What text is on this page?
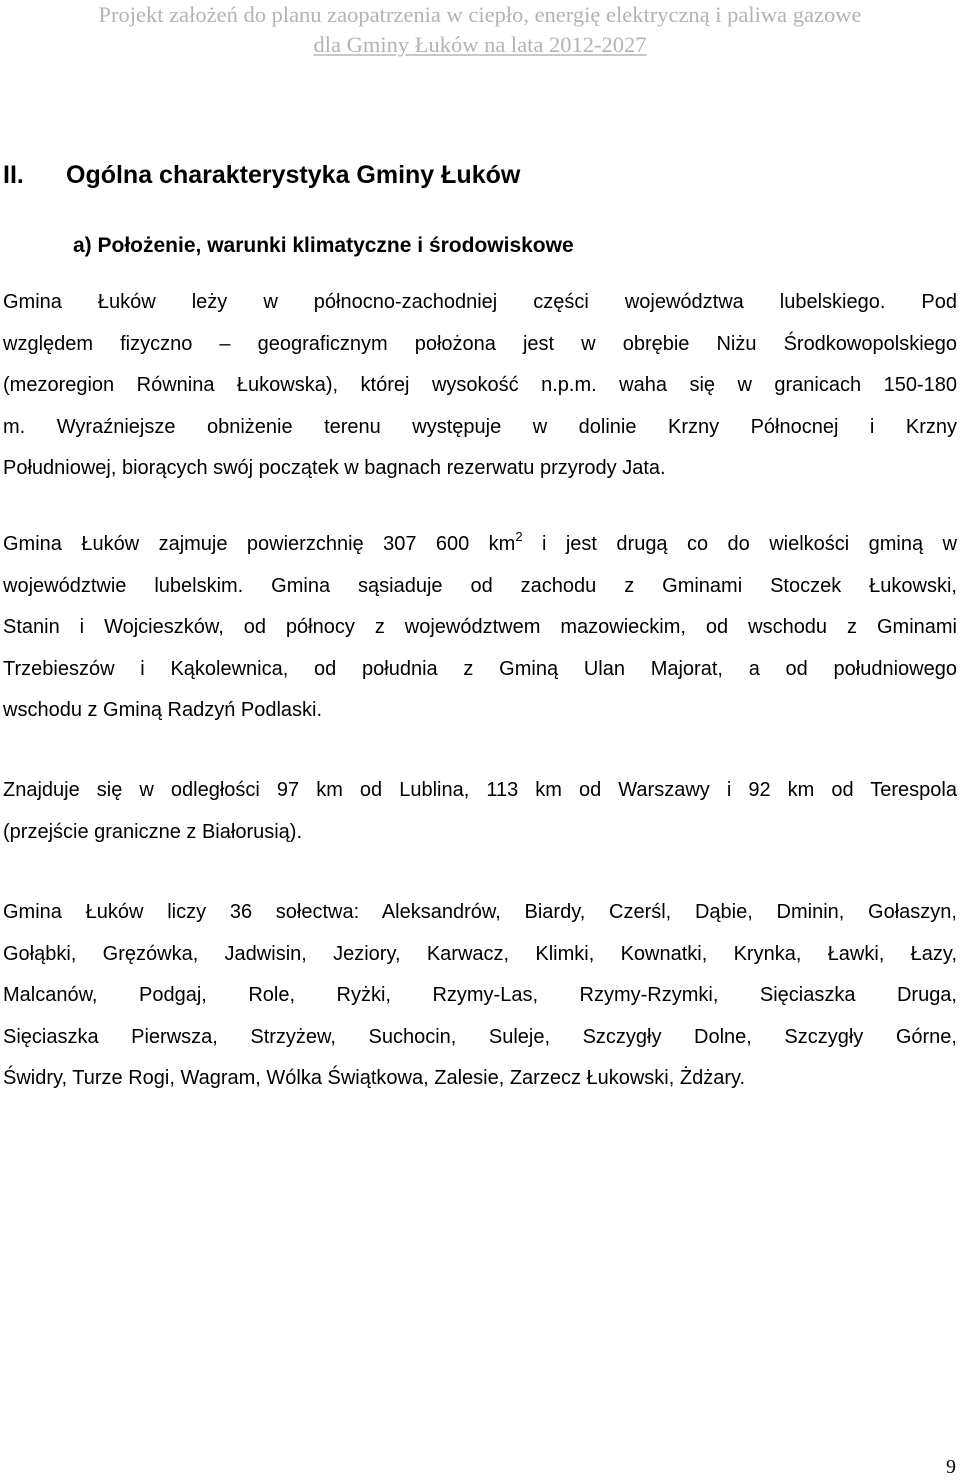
Projekt założeń do planu zaopatrzenia w ciepło, energię elektryczną i paliwa gazowe
dla Gminy Łuków na lata 2012-2027
II. Ogólna charakterystyka Gminy Łuków
a) Położenie, warunki klimatyczne i środowiskowe
Gmina Łuków leży w północno-zachodniej części województwa lubelskiego. Pod
względem fizyczno – geograficznym położona jest w obrębie Niżu Środkowopolskiego
(mezoregion Równina Łukowska), której wysokość n.p.m. waha się w granicach 150-180
m. Wyraźniejsze obniżenie terenu występuje w dolinie Krzny Północnej i Krzny
Południowej, biorących swój początek w bagnach rezerwatu przyrody Jata.
Gmina Łuków zajmuje powierzchnię 307 600 $km^2$ i jest drugą co do wielkości gminą w
województwie lubelskim. Gmina sąsiaduje od zachodu z Gminami Stoczek Łukowski,
Stanin i Wojcieszków, od północy z województwem mazowieckim, od wschodu z Gminami
Trzebieszów i Kąkolewnica, od południa z Gminą Ulan Majorat, a od południowego
wschodu z Gminą Radzyń Podlaski.
Znajduje się w odległości 97 km od Lublina, 113 km od Warszawy i 92 km od Terespola
(przejście graniczne z Białorusią).
Gmina Łuków liczy 36 sołectwa: Aleksandrów, Biardy, Czerśl, Dąbie, Dminin, Gołaszyn,
Gołąbki, Gręzówka, Jadwisin, Jeziory, Karwacz, Klimki, Kownatki, Krynka, Ławki, Łazy,
Malcanów, Podgaj, Role, Ryżki, Rzymy-Las, Rzymy-Rzymki, Sięciaszka Druga,
Sięciaszka Pierwsza, Strzyżew, Suchocin, Suleje, Szczygły Dolne, Szczygły Górne,
Świdry, Turze Rogi, Wagram, Wólka Świątkowa, Zalesie, Zarzecz Łukowski, Żdżary.
9
